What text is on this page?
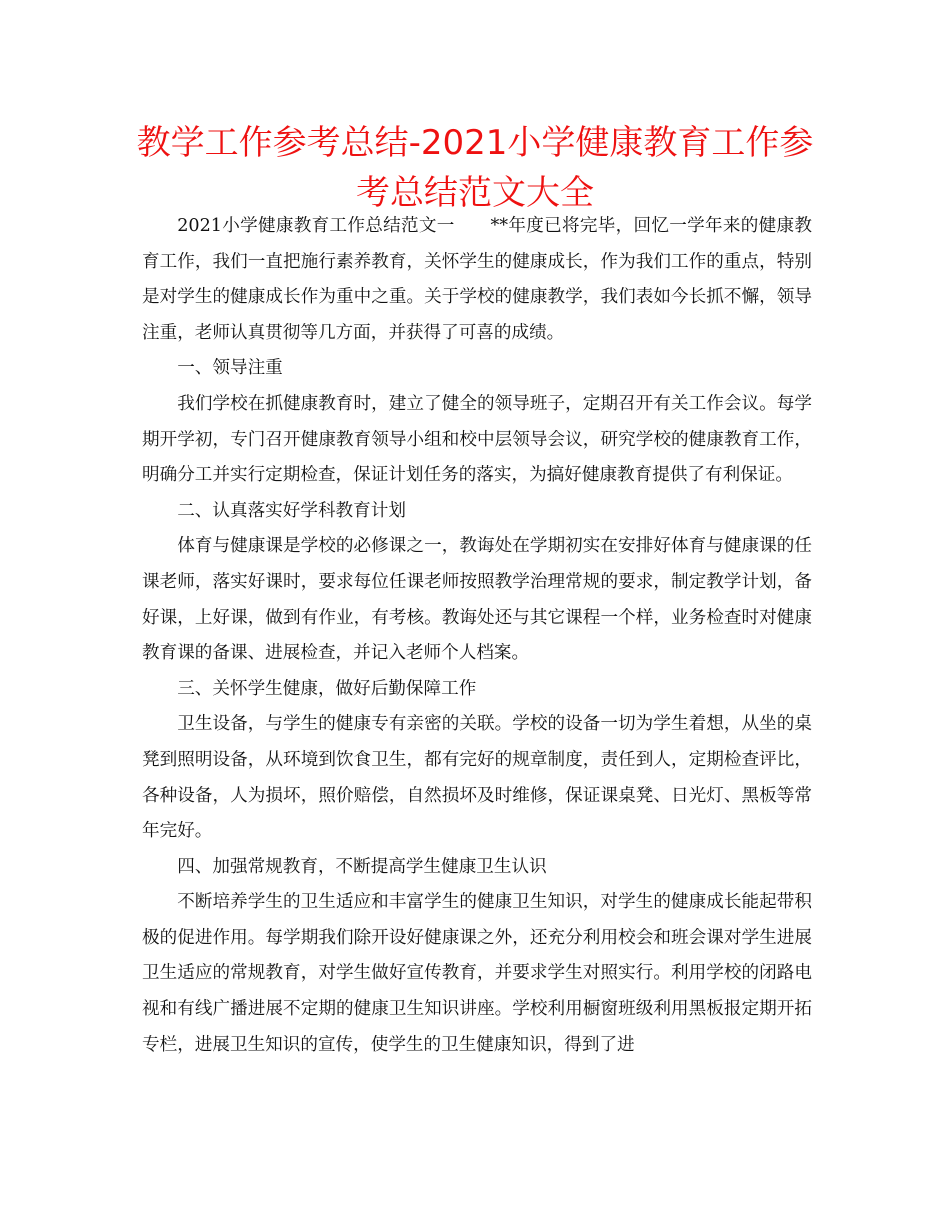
教学工作参考总结-2021小学健康教育工作参考总结范文大全

2021小学健康教育工作总结范文一　　**年度已将完毕，回忆一学年来的健康教育工作，我们一直把施行素养教育，关怀学生的健康成长，作为我们工作的重点，特别是对学生的健康成长作为重中之重。关于学校的健康教学，我们表如今长抓不懈，领导注重，老师认真贯彻等几方面，并获得了可喜的成绩。

一、领导注重

我们学校在抓健康教育时，建立了健全的领导班子，定期召开有关工作会议。每学期开学初，专门召开健康教育领导小组和校中层领导会议，研究学校的健康教育工作，明确分工并实行定期检查，保证计划任务的落实，为搞好健康教育提供了有利保证。

二、认真落实好学科教育计划

体育与健康课是学校的必修课之一，教诲处在学期初实在安排好体育与健康课的任课老师，落实好课时，要求每位任课老师按照教学治理常规的要求，制定教学计划，备好课，上好课，做到有作业，有考核。教诲处还与其它课程一个样，业务检查时对健康教育课的备课、进展检查，并记入老师个人档案。

三、关怀学生健康，做好后勤保障工作

卫生设备，与学生的健康专有亲密的关联。学校的设备一切为学生着想，从坐的桌凳到照明设备，从环境到饮食卫生，都有完好的规章制度，责任到人，定期检查评比，各种设备，人为损坏，照价赔偿，自然损坏及时维修，保证课桌凳、日光灯、黑板等常年完好。

四、加强常规教育，不断提高学生健康卫生认识

不断培养学生的卫生适应和丰富学生的健康卫生知识，对学生的健康成长能起带积极的促进作用。每学期我们除开设好健康课之外，还充分利用校会和班会课对学生进展卫生适应的常规教育，对学生做好宣传教育，并要求学生对照实行。利用学校的闭路电视和有线广播进展不定期的健康卫生知识讲座。学校利用橱窗班级利用黑板报定期开拓专栏，进展卫生知识的宣传，使学生的卫生健康知识，得到了进
